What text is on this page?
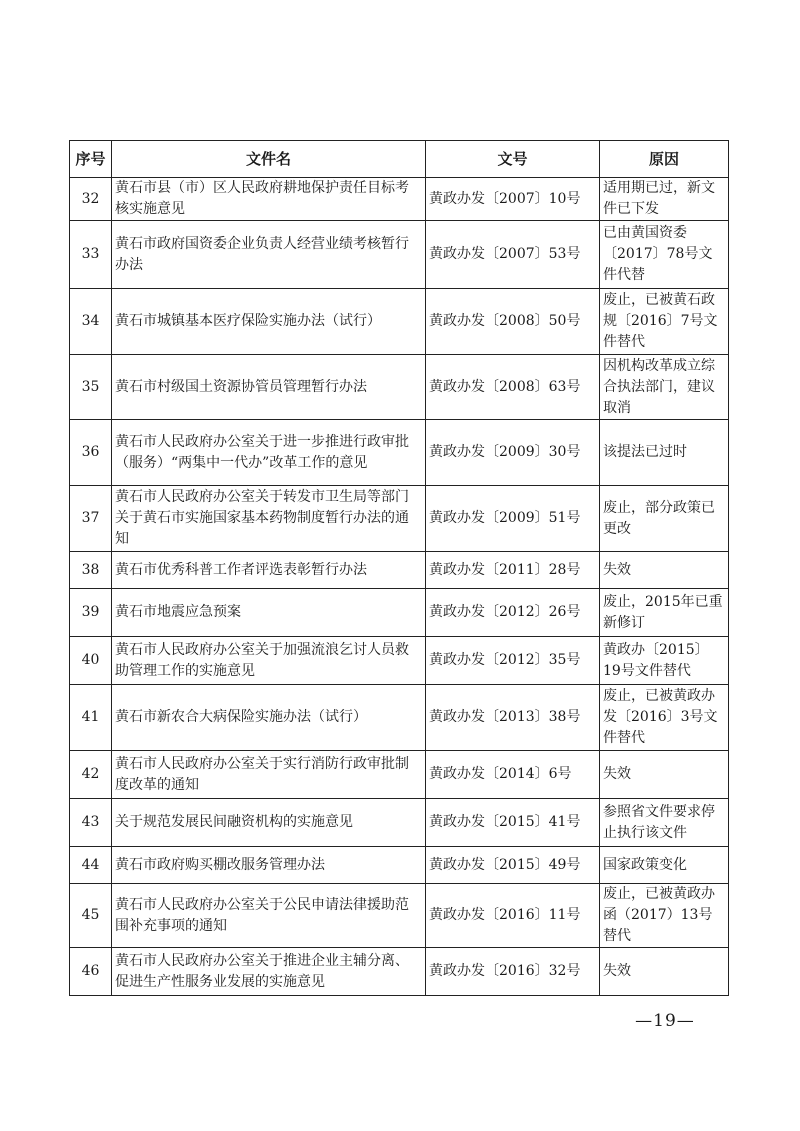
序号	文件名	文号	原因
32	黄石市县（市）区人民政府耕地保护责任目标考核实施意见	黄政办发〔2007〕10号	适用期已过，新文件已下发
33	黄石市政府国资委企业负责人经营业绩考核暂行办法	黄政办发〔2007〕53号	已由黄国资委〔2017〕78号文件代替
34	黄石市城镇基本医疗保险实施办法（试行）	黄政办发〔2008〕50号	废止，已被黄石政规〔2016〕7号文件替代
35	黄石市村级国土资源协管员管理暂行办法	黄政办发〔2008〕63号	因机构改革成立综合执法部门，建议取消
36	黄石市人民政府办公室关于进一步推进行政审批（服务）“两集中一代办”改革工作的意见	黄政办发〔2009〕30号	该提法已过时
37	黄石市人民政府办公室关于转发市卫生局等部门关于黄石市实施国家基本药物制度暂行办法的通知	黄政办发〔2009〕51号	废止，部分政策已更改
38	黄石市优秀科普工作者评选表彰暂行办法	黄政办发〔2011〕28号	失效
39	黄石市地震应急预案	黄政办发〔2012〕26号	废止，2015年已重新修订
40	黄石市人民政府办公室关于加强流浪乞讨人员救助管理工作的实施意见	黄政办发〔2012〕35号	黄政办〔2015〕19号文件替代
41	黄石市新农合大病保险实施办法（试行）	黄政办发〔2013〕38号	废止，已被黄政办发〔2016〕3号文件替代
42	黄石市人民政府办公室关于实行消防行政审批制度改革的通知	黄政办发〔2014〕6号	失效
43	关于规范发展民间融资机构的实施意见	黄政办发〔2015〕41号	参照省文件要求停止执行该文件
44	黄石市政府购买棚改服务管理办法	黄政办发〔2015〕49号	国家政策变化
45	黄石市人民政府办公室关于公民申请法律援助范围补充事项的通知	黄政办发〔2016〕11号	废止，已被黄政办函（2017）13号替代
46	黄石市人民政府办公室关于推进企业主辅分离、促进生产性服务业发展的实施意见	黄政办发〔2016〕32号	失效
—19—
